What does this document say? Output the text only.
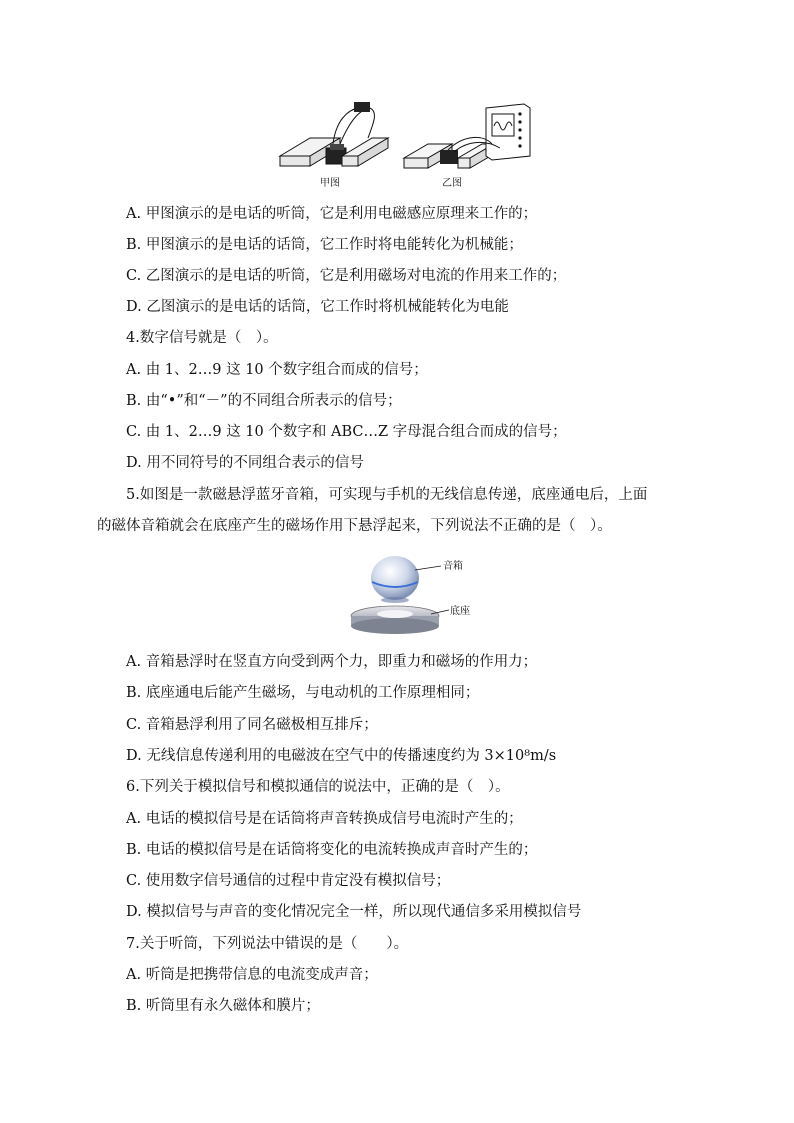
甲图	乙图
A. 甲图演示的是电话的听筒，它是利用电磁感应原理来工作的；
B. 甲图演示的是电话的话筒，它工作时将电能转化为机械能；
C. 乙图演示的是电话的听筒，它是利用磁场对电流的作用来工作的；
D. 乙图演示的是电话的话筒，它工作时将机械能转化为电能
4.数字信号就是（　）。
A. 由 1、2…9 这 10 个数字组合而成的信号；
B. 由“•”和“－”的不同组合所表示的信号；
C. 由 1、2…9 这 10 个数字和 ABC…Z 字母混合组合而成的信号；
D. 用不同符号的不同组合表示的信号
5.如图是一款磁悬浮蓝牙音箱，可实现与手机的无线信息传递，底座通电后，上面
的磁体音箱就会在底座产生的磁场作用下悬浮起来，下列说法不正确的是（　）。
音箱
底座
A. 音箱悬浮时在竖直方向受到两个力，即重力和磁场的作用力；
B. 底座通电后能产生磁场，与电动机的工作原理相同；
C. 音箱悬浮利用了同名磁极相互排斥；
D. 无线信息传递利用的电磁波在空气中的传播速度约为 3×10⁸m/s
6.下列关于模拟信号和模拟通信的说法中，正确的是（　）。
A. 电话的模拟信号是在话筒将声音转换成信号电流时产生的；
B. 电话的模拟信号是在话筒将变化的电流转换成声音时产生的；
C. 使用数字信号通信的过程中肯定没有模拟信号；
D. 模拟信号与声音的变化情况完全一样，所以现代通信多采用模拟信号
7.关于听筒，下列说法中错误的是（　　）。
A. 听筒是把携带信息的电流变成声音；
B. 听筒里有永久磁体和膜片；
